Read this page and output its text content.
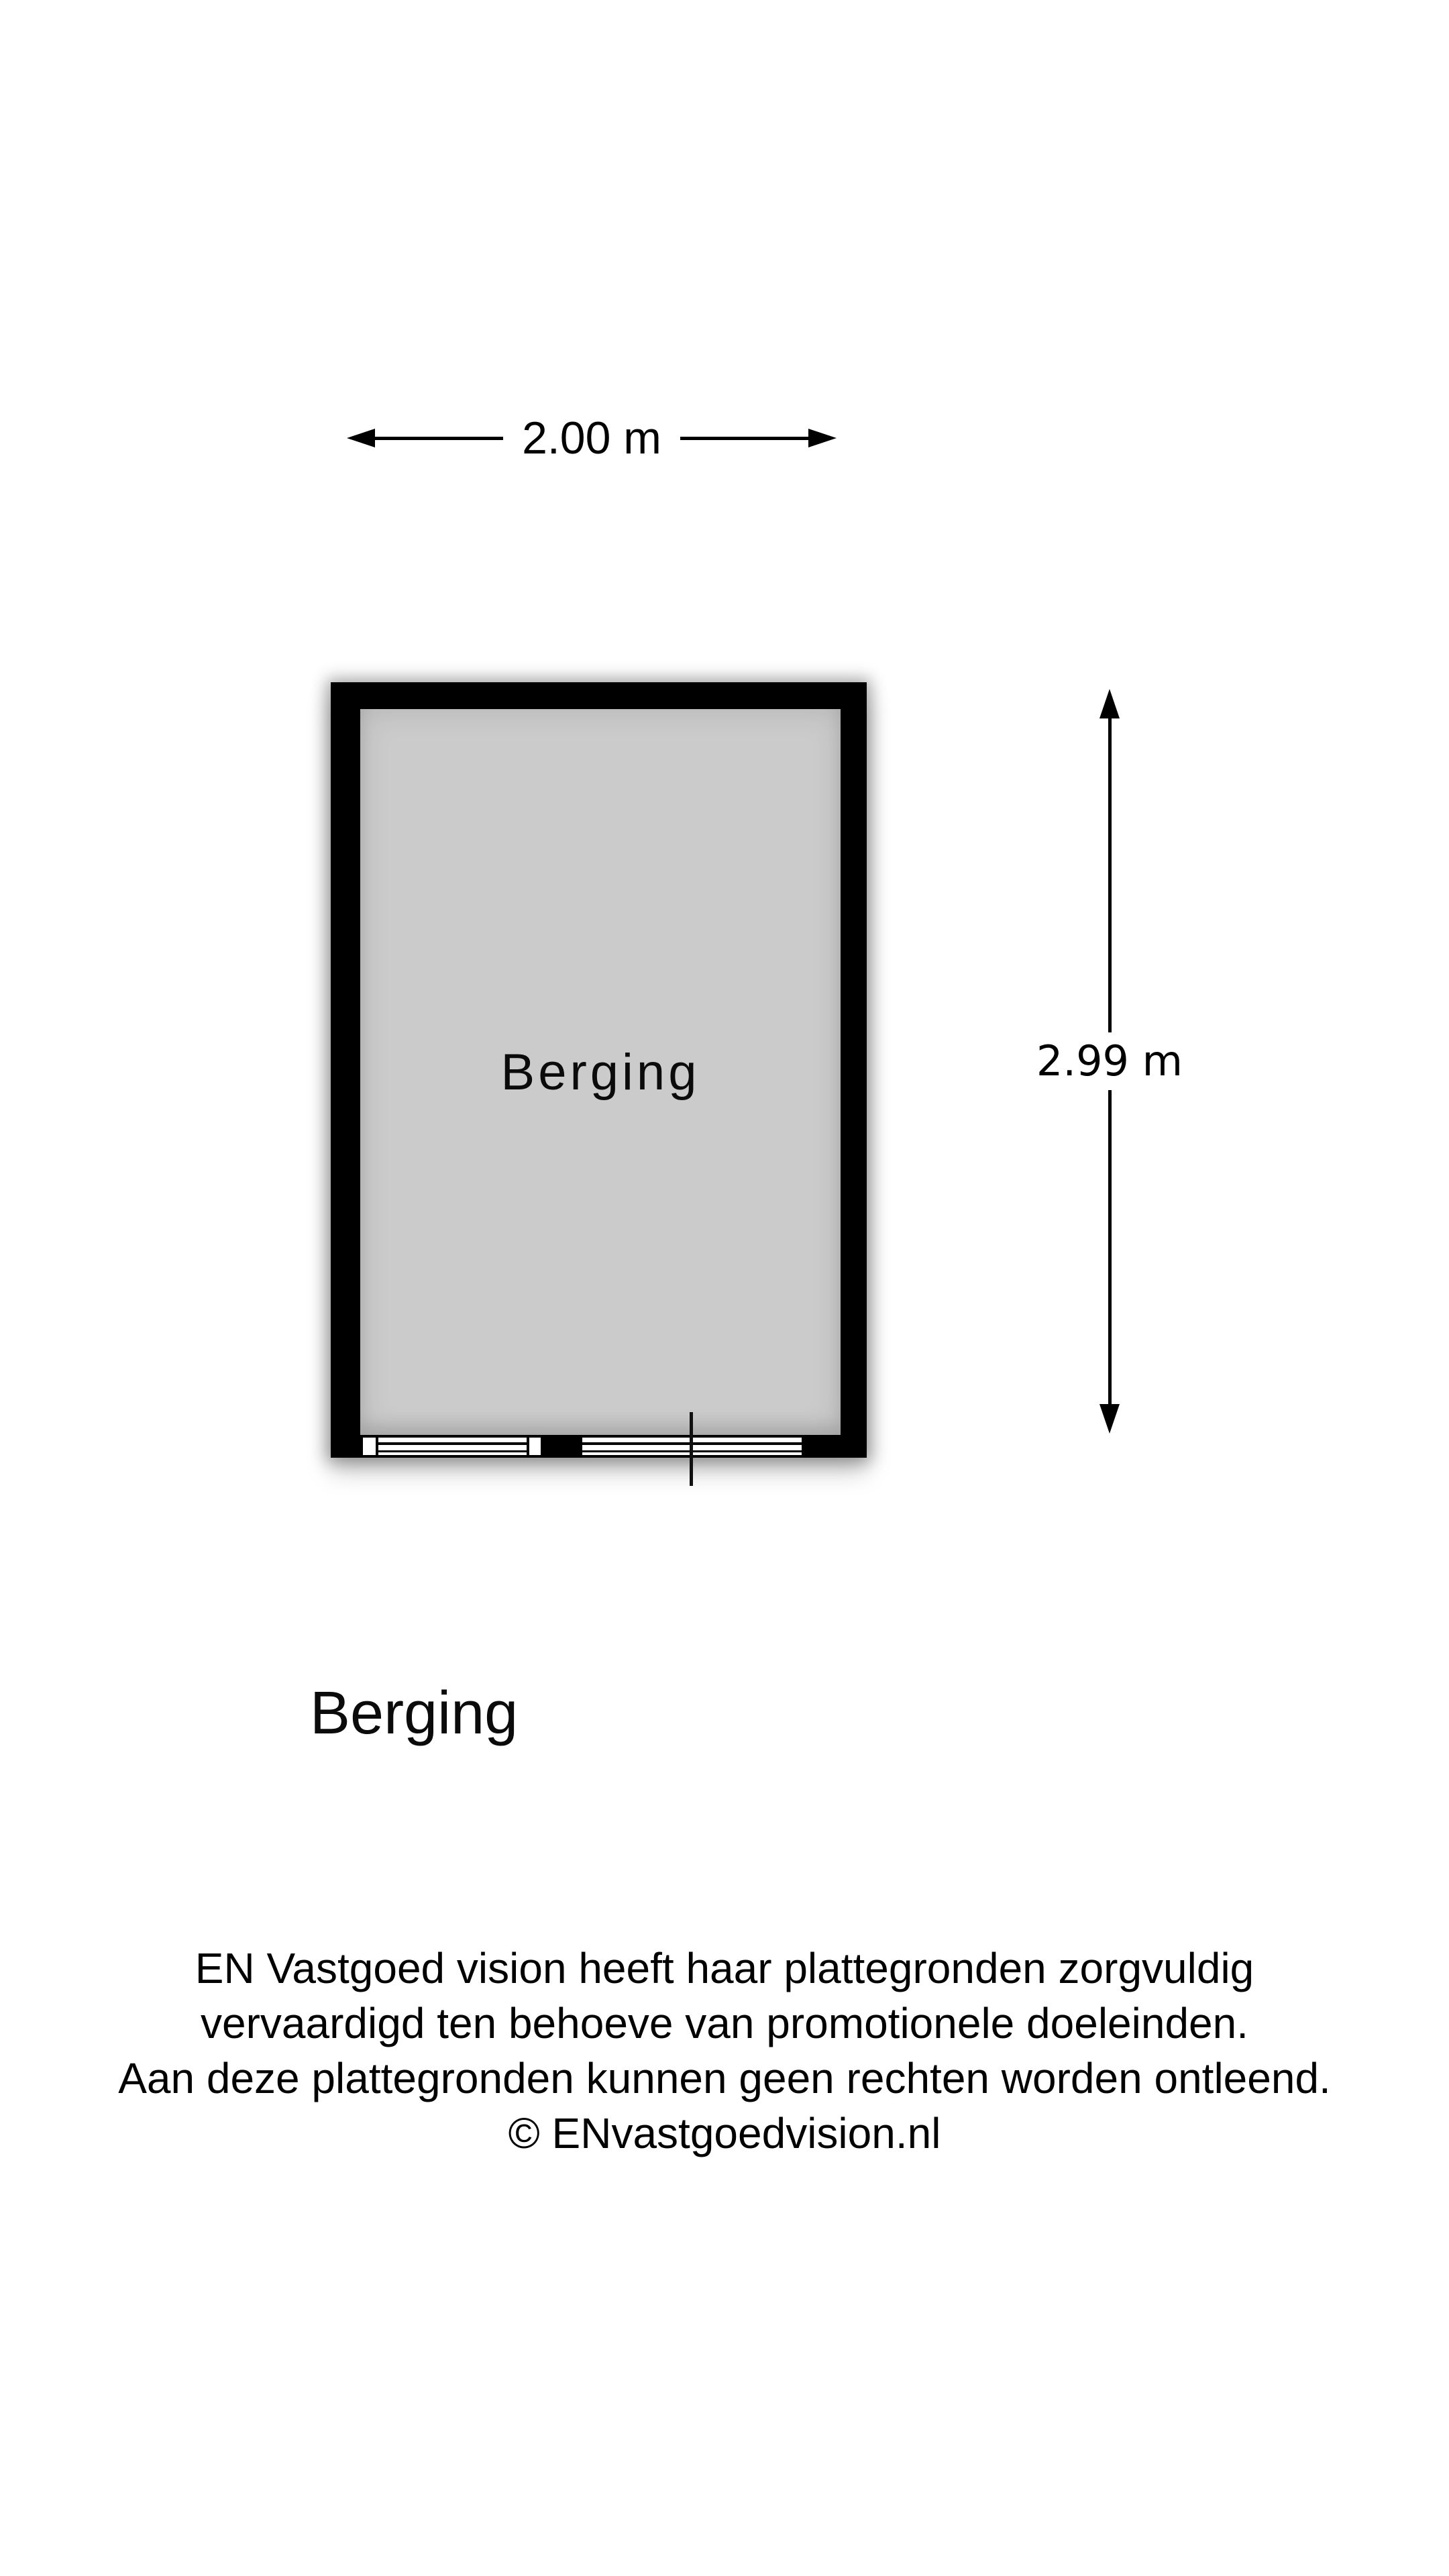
2.00 m
Berging	2.99 m
Berging
EN Vastgoed vision heeft haar plattegronden zorgvuldig
vervaardigd ten behoeve van promotionele doeleinden.
Aan deze plattegronden kunnen geen rechten worden ontleend.
© ENvastgoedvision.nl
